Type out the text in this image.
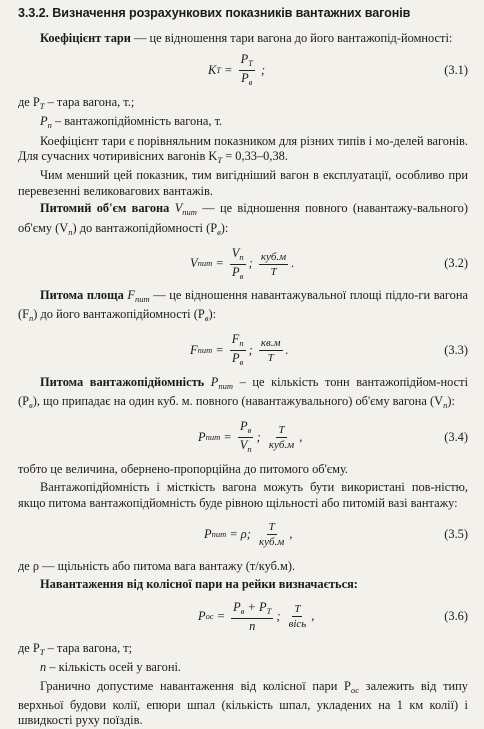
3.3.2. Визначення розрахункових показників вантажних вагонів

Коефіцієнт тари — це відношення тари вагона до його вантажопід-йомності:

K $T = \frac{P_T}{P_в}$ ;	(3.1)

де $P_T$ – тара вагона, т.;

$P_п$ – вантажопідйомність вагона, т.

Коефіцієнт тари є порівняльним показником для різних типів і мо-делей вагонів. Для сучасних чотиривісних вагонів $K_T = 0,33-0,38$.

Чим менший цей показник, тим вигідніший вагон в експлуатації, особливо при перевезенні великовагових вантажів.

Питомий об'єм вагона $V_{пит}$ — це відношення повного (навантажу-вального) об'єму $(V_п)$ до вантажопідйомності $(P_в)$:

V пит = $\frac{V_п}{P_в}$ ; $\frac{\text{куб.м}}{Т}$ .	(3.2)

Питома площа $F_{пит}$ — це відношення навантажувальної площі підло-ги вагона $(F_п)$ до його вантажопідйомності $(P_в)$:

F пит = $\frac{F_п}{P_в}$ ; $\frac{кв.м}{Т}$ .	(3.3)

Питома вантажопідйомність $P_{пит}$ – це кількість тонн вантажопідйом-ності $(P_в)$, що припадає на один куб. м. повного (навантажувального) об'єму вагона $(V_п)$:

P пит = $\frac{P_в}{V_п}$ ; $\frac{Т}{\text{куб.м}}$ ,	(3.4)

тобто це величина, обернено-пропорційна до питомого об'єму.

Вантажопідйомність і місткість вагона можуть бути використані пов-ністю, якщо питома вантажопідйомність буде рівною щільності або питомій вазі вантажу:

P пит = ρ ; $\frac{Т}{\text{куб.м}}$ ,	(3.5)

де ρ — щільність або питома вага вантажу (т/куб.м).

Навантаження від колісної пари на рейки визначається:

P ос = $\frac{P_в + P_T}{n}$ ; $\frac{Т}{\text{вісь}}$ ,	(3.6)

де $P_T$ – тара вагона, т;

n – кількість осей у вагоні.

Гранично допустиме навантаження від колісної пари $P_{ос}$ залежить від типу верхньої будови колії, епюри шпал (кількість шпал, укладених на 1 км колії) і швидкості руху поїздів.
